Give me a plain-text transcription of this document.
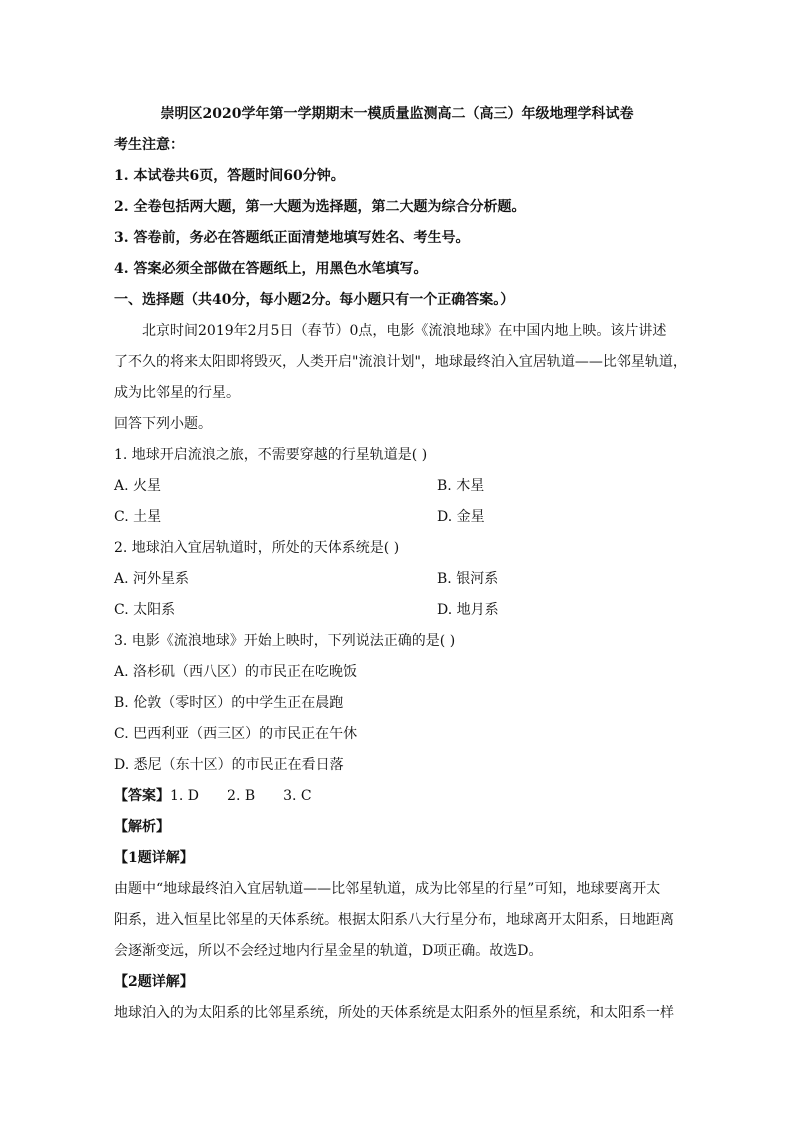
崇明区2020学年第一学期期末一模质量监测高二（高三）年级地理学科试卷
考生注意：
1. 本试卷共6页，答题时间60分钟。
2. 全卷包括两大题，第一大题为选择题，第二大题为综合分析题。
3. 答卷前，务必在答题纸正面清楚地填写姓名、考生号。
4. 答案必须全部做在答题纸上，用黑色水笔填写。
一、选择题（共40分，每小题2分。每小题只有一个正确答案。）
北京时间2019年2月5日（春节）0点，电影《流浪地球》在中国内地上映。该片讲述
了不久的将来太阳即将毁灭，人类开启"流浪计划"，地球最终泊入宜居轨道——比邻星轨道，
成为比邻星的行星。
回答下列小题。
1. 地球开启流浪之旅，不需要穿越的行星轨道是( )
A. 火星	B. 木星
C. 土星	D. 金星
2. 地球泊入宜居轨道时，所处的天体系统是( )
A. 河外星系	B. 银河系
C. 太阳系	D. 地月系
3. 电影《流浪地球》开始上映时，下列说法正确的是( )
A. 洛杉矶（西八区）的市民正在吃晚饭
B. 伦敦（零时区）的中学生正在晨跑
C. 巴西利亚（西三区）的市民正在午休
D. 悉尼（东十区）的市民正在看日落
【答案】1. D　　2. B　　3. C
【解析】
【1题详解】
由题中“地球最终泊入宜居轨道——比邻星轨道，成为比邻星的行星”可知，地球要离开太
阳系，进入恒星比邻星的天体系统。根据太阳系八大行星分布，地球离开太阳系，日地距离
会逐渐变远，所以不会经过地内行星金星的轨道，D项正确。故选D。
【2题详解】
地球泊入的为太阳系的比邻星系统，所处的天体系统是太阳系外的恒星系统，和太阳系一样
